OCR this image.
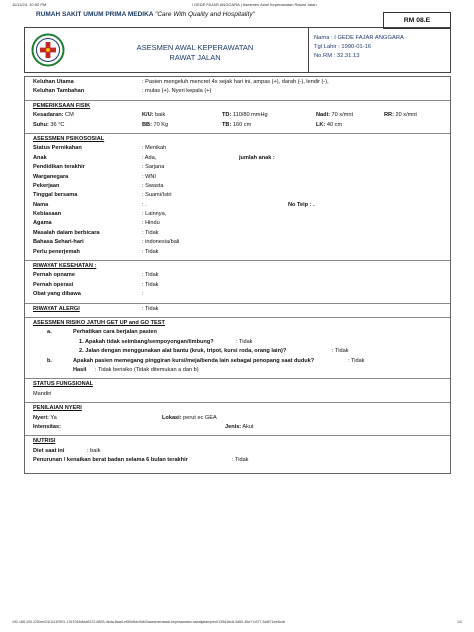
11/11/24, 10:50 PM	I GEDE FAJAR ANGGARA | Asesmen Awal Keperawatan Rawat Jalan
RUMAH SAKIT UMUM PRIMA MEDIKA "Care With Quality and Hospitality"
RM 08.E
ASESMEN AWAL KEPERAWATAN
RAWAT JALAN
Nama : I GEDE FAJAR ANGGARA
Tgl Lahir : 1990-01-16
No.RM : 32.31.13
Keluhan Utama	: Pasien mengeluh mencret 4x sejak hari ini, ampas (+), darah (-), lendir (-),
Keluhan Tambahan	: mulas (+). Nyeri kepala (+)
PEMERIKSAAN FISIK
Kesadaran: CM	K/U: baik	TD: 110/80 mmHg	Nadi: 70 x/mnt	RR: 20 x/mnt
Suhu: 36 °C	BB: 70 Kg	TB: 160 cm	LK: 40 cm
ASESSMEN PSIKOSOSIAL
Status Pernikahan	: Menikah
Anak	: Ada,	jumlah anak :
Pendidikan terakhir	: Sarjana
Warganegara	: WNI
Pekerjaan	: Swasta
Tinggal bersama	: Suami/Istri
Nama	: .	No Telp : .
Kebiasaan	: Lainnya,
Agama	: Hindu
Masalah dalam berbicara	: Tidak
Bahasa Sehari-hari	: indonesia/bali
Perlu penerjemah	: Tidak
RIWAYAT KESEHATAN :
Pernah opname	: Tidak
Pernah operasi	: Tidak
Obat yang dibawa	:
RIWAYAT ALERGI	: Tidak
ASESSMEN RISIKO JATUH GET UP and GO TEST
a.	Perhatikan cara berjalan pasien
1. Apakah tidak seimbang/sempoyongan/limbung?	: Tidak
2. Jalan dengan menggunakan alat bantu (kruk, tripot, kursi roda, orang lain)?	: Tidak
b.	Apakah pasien memegang pinggiran kursi/meja/benda lain sebagai penopang saat duduk?	: Tidak
Hasil : Tidak berisiko (Tidak ditemukan a dan b)
STATUS FUNGSIONAL
Mandiri
PENILAIAN NYERI
Nyeri: Ya	Lokasi: perut ec GEA
Intensitas:	Jenis: Akut
NUTRISI
Diet saat ini	: baik
Penurunan / kenaikan berat badan selama 6 bulan terakhir	: Tidak
192.168.100.225/rm/24/1111REG-176704/b8ea6372-6893-4eda-8aa4-ef50e6dc9db3/asesmenawal-keperawatan-rawatjalan/print/135d1bc8-3d60-46e7-b377-5cf871ee5cde	1/2
